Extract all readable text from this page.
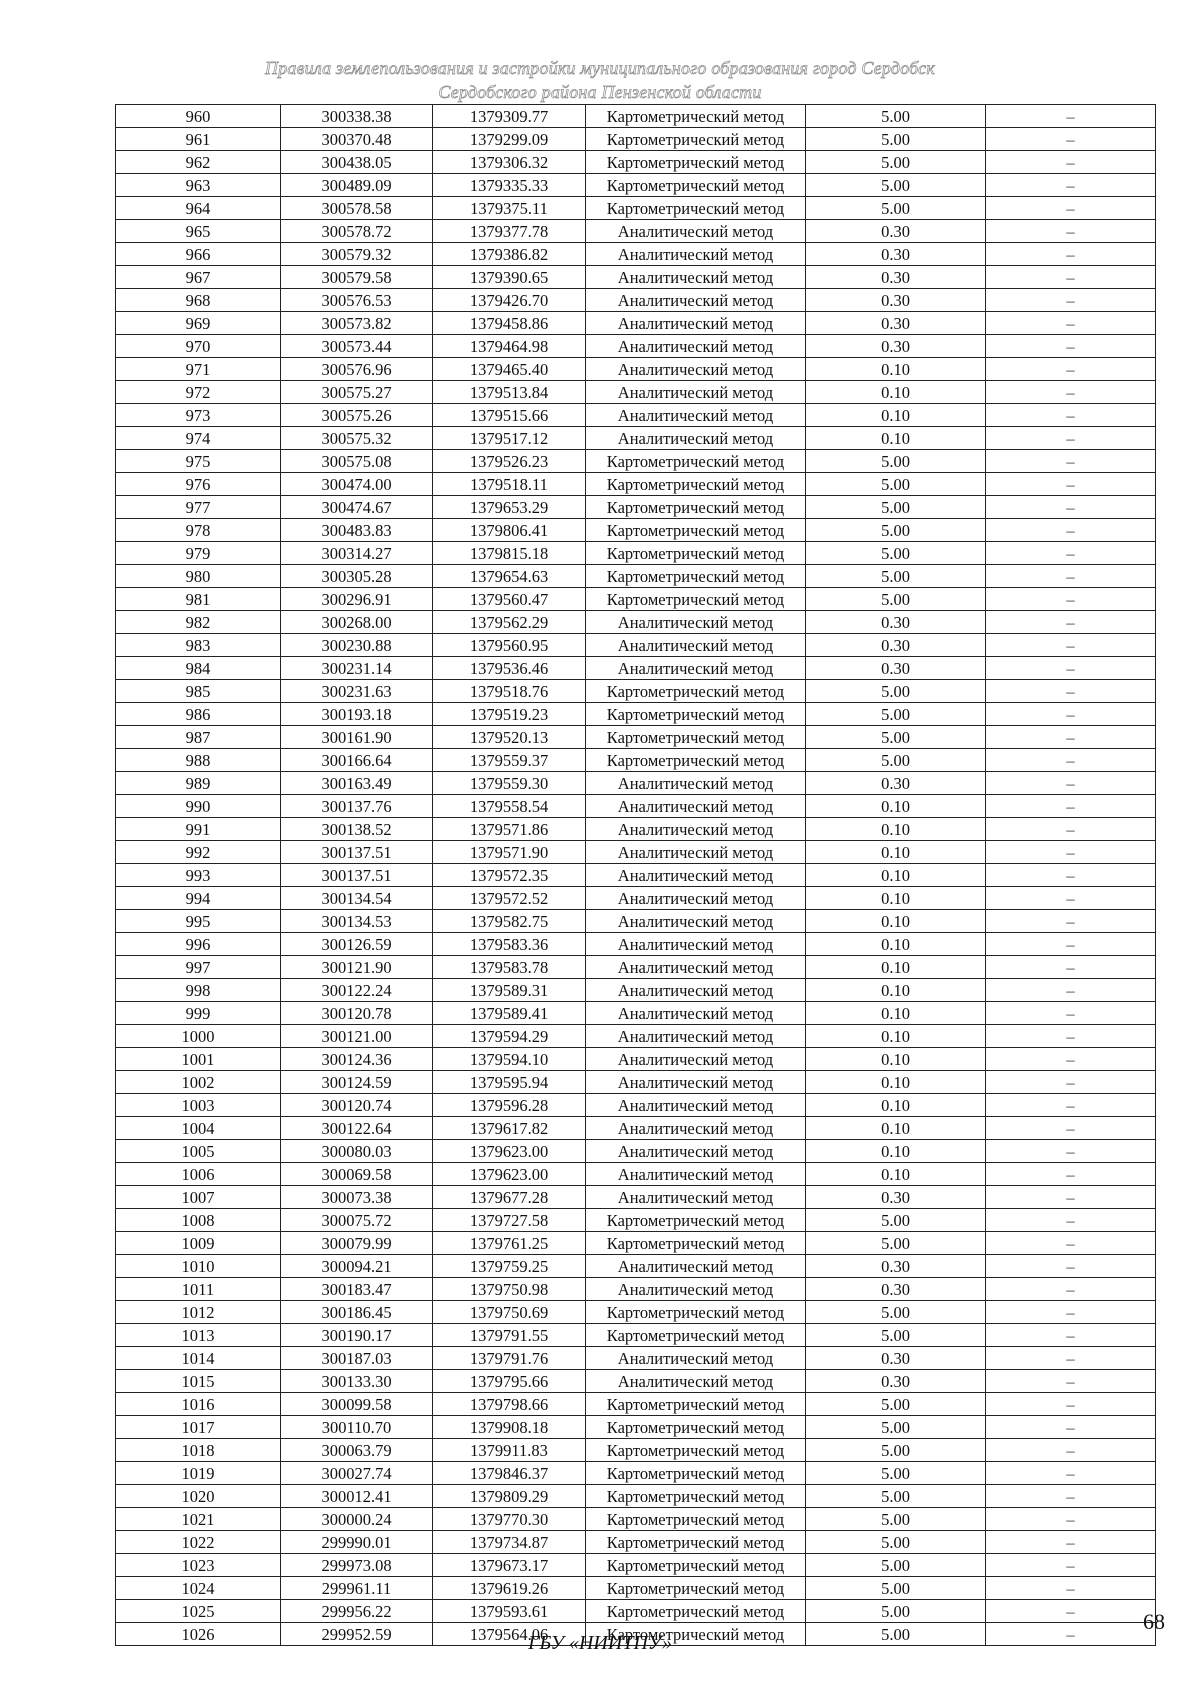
Правила землепользования и застройки муниципального образования город Сердобск
Сердобского района Пензенской области
960	300338.38	1379309.77	Картометрический метод	5.00	–
961	300370.48	1379299.09	Картометрический метод	5.00	–
962	300438.05	1379306.32	Картометрический метод	5.00	–
963	300489.09	1379335.33	Картометрический метод	5.00	–
964	300578.58	1379375.11	Картометрический метод	5.00	–
965	300578.72	1379377.78	Аналитический метод	0.30	–
966	300579.32	1379386.82	Аналитический метод	0.30	–
967	300579.58	1379390.65	Аналитический метод	0.30	–
968	300576.53	1379426.70	Аналитический метод	0.30	–
969	300573.82	1379458.86	Аналитический метод	0.30	–
970	300573.44	1379464.98	Аналитический метод	0.30	–
971	300576.96	1379465.40	Аналитический метод	0.10	–
972	300575.27	1379513.84	Аналитический метод	0.10	–
973	300575.26	1379515.66	Аналитический метод	0.10	–
974	300575.32	1379517.12	Аналитический метод	0.10	–
975	300575.08	1379526.23	Картометрический метод	5.00	–
976	300474.00	1379518.11	Картометрический метод	5.00	–
977	300474.67	1379653.29	Картометрический метод	5.00	–
978	300483.83	1379806.41	Картометрический метод	5.00	–
979	300314.27	1379815.18	Картометрический метод	5.00	–
980	300305.28	1379654.63	Картометрический метод	5.00	–
981	300296.91	1379560.47	Картометрический метод	5.00	–
982	300268.00	1379562.29	Аналитический метод	0.30	–
983	300230.88	1379560.95	Аналитический метод	0.30	–
984	300231.14	1379536.46	Аналитический метод	0.30	–
985	300231.63	1379518.76	Картометрический метод	5.00	–
986	300193.18	1379519.23	Картометрический метод	5.00	–
987	300161.90	1379520.13	Картометрический метод	5.00	–
988	300166.64	1379559.37	Картометрический метод	5.00	–
989	300163.49	1379559.30	Аналитический метод	0.30	–
990	300137.76	1379558.54	Аналитический метод	0.10	–
991	300138.52	1379571.86	Аналитический метод	0.10	–
992	300137.51	1379571.90	Аналитический метод	0.10	–
993	300137.51	1379572.35	Аналитический метод	0.10	–
994	300134.54	1379572.52	Аналитический метод	0.10	–
995	300134.53	1379582.75	Аналитический метод	0.10	–
996	300126.59	1379583.36	Аналитический метод	0.10	–
997	300121.90	1379583.78	Аналитический метод	0.10	–
998	300122.24	1379589.31	Аналитический метод	0.10	–
999	300120.78	1379589.41	Аналитический метод	0.10	–
1000	300121.00	1379594.29	Аналитический метод	0.10	–
1001	300124.36	1379594.10	Аналитический метод	0.10	–
1002	300124.59	1379595.94	Аналитический метод	0.10	–
1003	300120.74	1379596.28	Аналитический метод	0.10	–
1004	300122.64	1379617.82	Аналитический метод	0.10	–
1005	300080.03	1379623.00	Аналитический метод	0.10	–
1006	300069.58	1379623.00	Аналитический метод	0.10	–
1007	300073.38	1379677.28	Аналитический метод	0.30	–
1008	300075.72	1379727.58	Картометрический метод	5.00	–
1009	300079.99	1379761.25	Картометрический метод	5.00	–
1010	300094.21	1379759.25	Аналитический метод	0.30	–
1011	300183.47	1379750.98	Аналитический метод	0.30	–
1012	300186.45	1379750.69	Картометрический метод	5.00	–
1013	300190.17	1379791.55	Картометрический метод	5.00	–
1014	300187.03	1379791.76	Аналитический метод	0.30	–
1015	300133.30	1379795.66	Аналитический метод	0.30	–
1016	300099.58	1379798.66	Картометрический метод	5.00	–
1017	300110.70	1379908.18	Картометрический метод	5.00	–
1018	300063.79	1379911.83	Картометрический метод	5.00	–
1019	300027.74	1379846.37	Картометрический метод	5.00	–
1020	300012.41	1379809.29	Картометрический метод	5.00	–
1021	300000.24	1379770.30	Картометрический метод	5.00	–
1022	299990.01	1379734.87	Картометрический метод	5.00	–
1023	299973.08	1379673.17	Картометрический метод	5.00	–
1024	299961.11	1379619.26	Картометрический метод	5.00	–
1025	299956.22	1379593.61	Картометрический метод	5.00	–
1026	299952.59	1379564.06	Картометрический метод	5.00	–	68
ГБУ «НИИТПУ»
